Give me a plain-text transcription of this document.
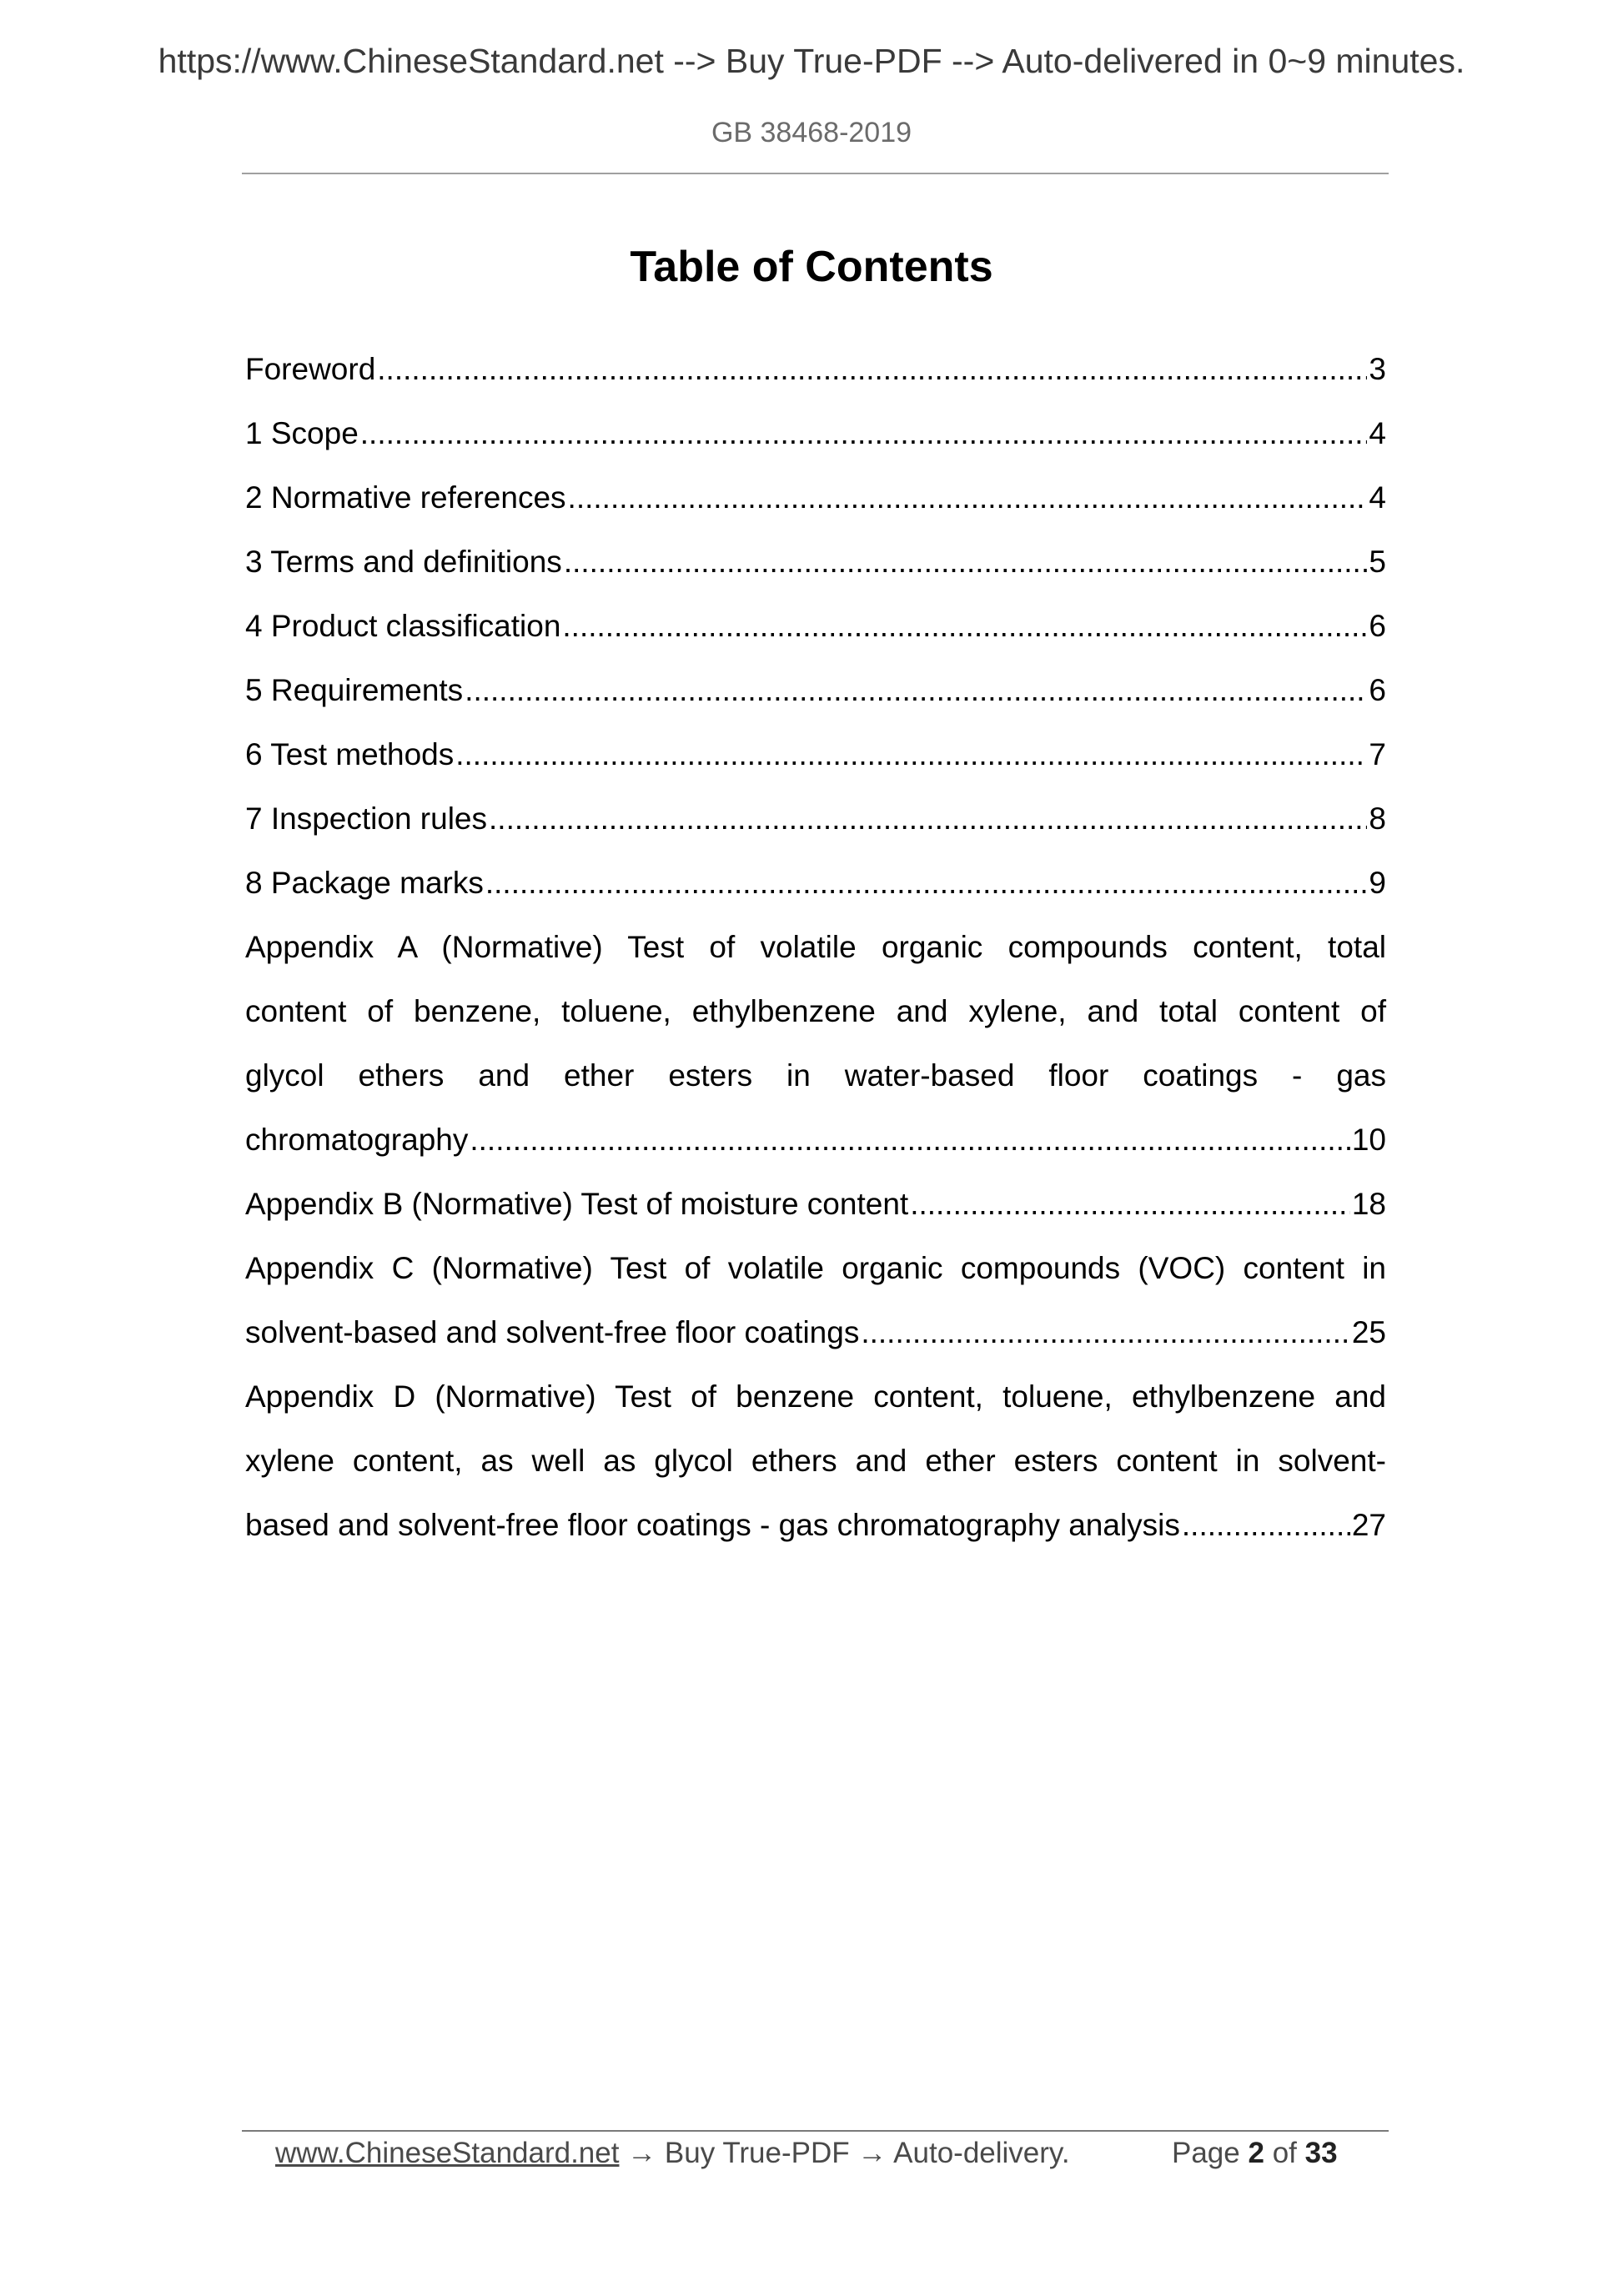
https://www.ChineseStandard.net --> Buy True-PDF --> Auto-delivered in 0~9 minutes.
GB 38468-2019
Table of Contents
Foreword .....	3
1 Scope .....	4
2 Normative references .....	4
3 Terms and definitions .....	5
4 Product classification .....	6
5 Requirements .....	6
6 Test methods .....	7
7 Inspection rules .....	8
8 Package marks .....	9
Appendix A (Normative) Test of volatile organic compounds content, total
content of benzene, toluene, ethylbenzene and xylene, and total content of
glycol ethers and ether esters in water-based floor coatings - gas
chromatography .....	10
Appendix B (Normative) Test of moisture content .....	18
Appendix C (Normative) Test of volatile organic compounds (VOC) content in
solvent-based and solvent-free floor coatings .....	25
Appendix D (Normative) Test of benzene content, toluene, ethylbenzene and
xylene content, as well as glycol ethers and ether esters content in solvent-
based and solvent-free floor coatings - gas chromatography analysis .....	27
www.ChineseStandard.net → Buy True-PDF → Auto-delivery.	Page 2 of 33
